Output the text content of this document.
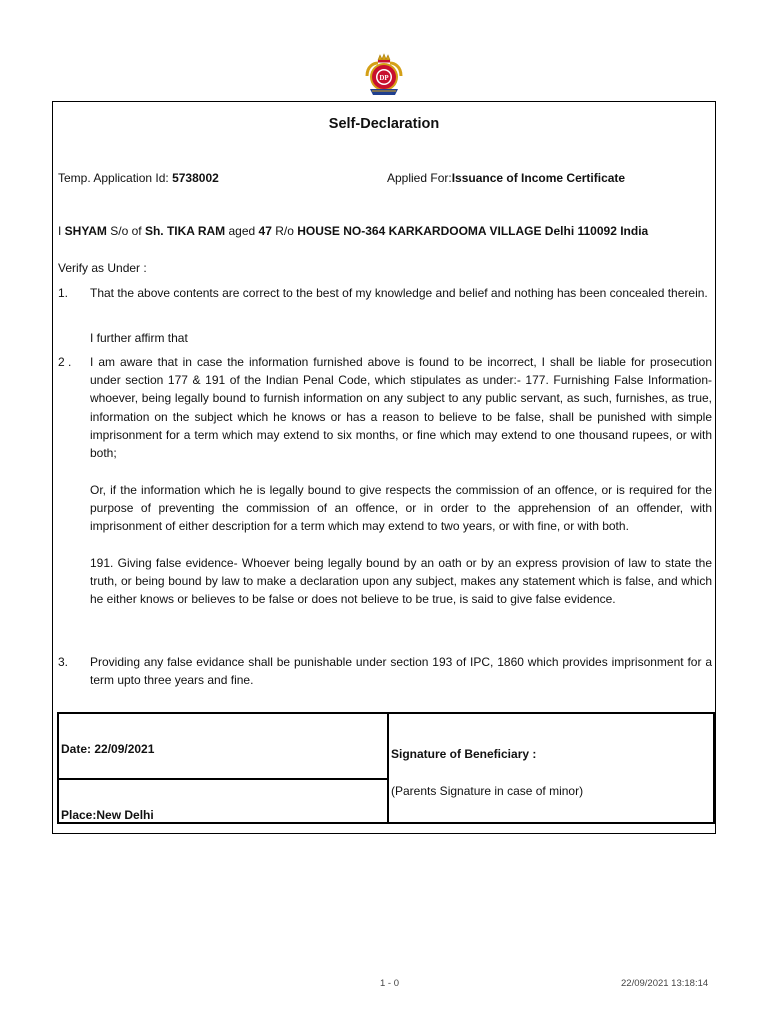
DP
Self-Declaration
Temp. Application Id: 5738002	Applied For:Issuance of Income Certificate
I SHYAM S/o of Sh. TIKA RAM aged 47 R/o HOUSE NO-364 KARKARDOOMA VILLAGE Delhi 110092 India
Verify as Under :
1. That the above contents are correct to the best of my knowledge and belief and nothing has been concealed therein.
I further affirm that
2 . I am aware that in case the information furnished above is found to be incorrect, I shall be liable for prosecution under section 177 & 191 of the Indian Penal Code, which stipulates as under:- 177. Furnishing False Information- whoever, being legally bound to furnish information on any subject to any public servant, as such, furnishes, as true, information on the subject which he knows or has a reason to believe to be false, shall be punished with simple imprisonment for a term which may extend to six months, or fine which may extend to one thousand rupees, or with both;
Or, if the information which he is legally bound to give respects the commission of an offence, or is required for the purpose of preventing the commission of an offence, or in order to the apprehension of an offender, with imprisonment of either description for a term which may extend to two years, or with fine, or with both.
191. Giving false evidence- Whoever being legally bound by an oath or by an express provision of law to state the truth, or being bound by law to make a declaration upon any subject, makes any statement which is false, and which he either knows or believes to be false or does not believe to be true, is said to give false evidence.
3. Providing any false evidance shall be punishable under section 193 of IPC, 1860 which provides imprisonment for a term upto three years and fine.
Date: 22/09/2021
Place:New Delhi
Signature of Beneficiary :
(Parents Signature in case of minor)
1 - 0	22/09/2021 13:18:14
